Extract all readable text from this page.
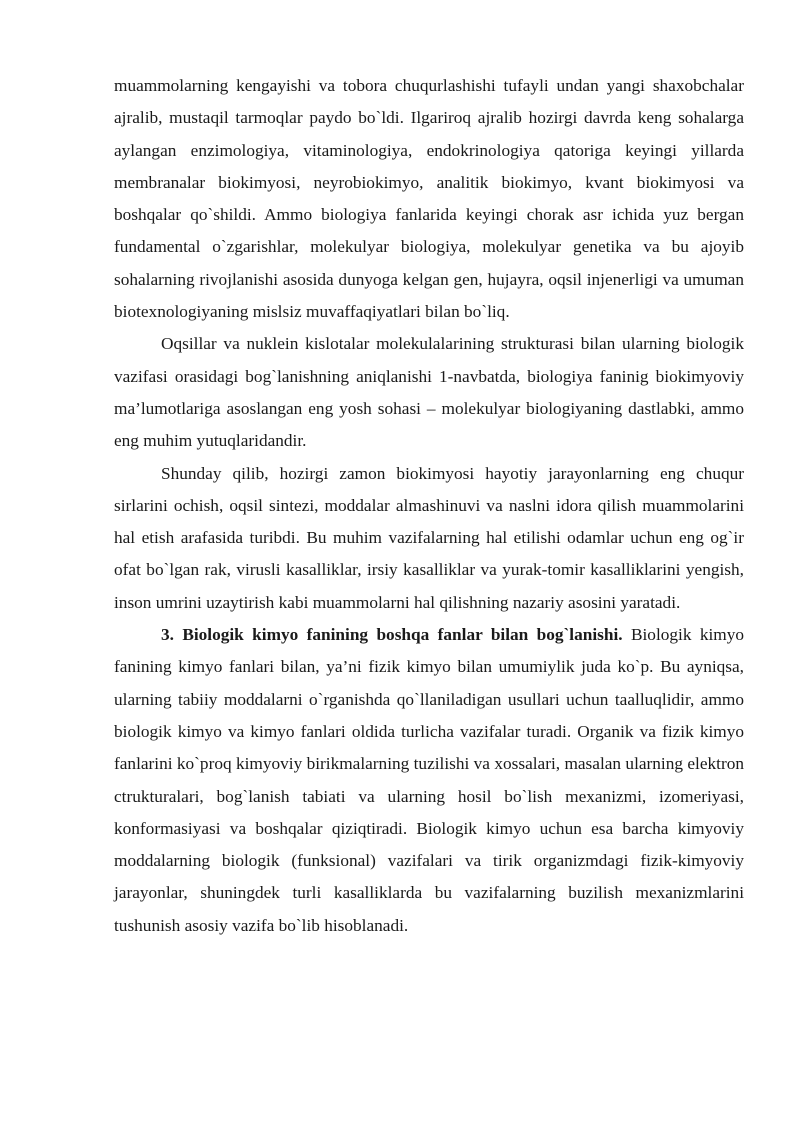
muammolarning kengayishi va tobora chuqurlashishi tufayli undan yangi shaxobchalar ajralib, mustaqil tarmoqlar paydo bo`ldi. Ilgariroq ajralib hozirgi davrda keng sohalarga aylangan enzimologiya, vitaminologiya, endokrinologiya qatoriga keyingi yillarda membranalar biokimyosi, neyrobiokimyo, analitik biokimyo, kvant biokimyosi va boshqalar qo`shildi. Ammo biologiya fanlarida keyingi chorak asr ichida yuz bergan fundamental o`zgarishlar, molekulyar biologiya, molekulyar genetika va bu ajoyib sohalarning rivojlanishi asosida dunyoga kelgan gen, hujayra, oqsil injenerligi va umuman biotexnologiyaning mislsiz muvaffaqiyatlari bilan bo`liq.

Oqsillar va nuklein kislotalar molekulalarining strukturasi bilan ularning biologik vazifasi orasidagi bog`lanishning aniqlanishi 1-navbatda, biologiya faninig biokimyoviy ma’lumotlariga asoslangan eng yosh sohasi – molekulyar biologiyaning dastlabki, ammo eng muhim yutuqlaridandir.

Shunday qilib, hozirgi zamon biokimyosi hayotiy jarayonlarning eng chuqur sirlarini ochish, oqsil sintezi, moddalar almashinuvi va naslni idora qilish muammolarini hal etish arafasida turibdi. Bu muhim vazifalarning hal etilishi odamlar uchun eng og`ir ofat bo`lgan rak, virusli kasalliklar, irsiy kasalliklar va yurak-tomir kasalliklarini yengish, inson umrini uzaytirish kabi muammolarni hal qilishning nazariy asosini yaratadi.

3. Biologik kimyo fanining boshqa fanlar bilan bog`lanishi. Biologik kimyo fanining kimyo fanlari bilan, ya’ni fizik kimyo bilan umumiylik juda ko`p. Bu ayniqsa, ularning tabiiy moddalarni o`rganishda qo`llaniladigan usullari uchun taalluqlidir, ammo biologik kimyo va kimyo fanlari oldida turlicha vazifalar turadi. Organik va fizik kimyo fanlarini ko`proq kimyoviy birikmalarning tuzilishi va xossalari, masalan ularning elektron ctrukturalari, bog`lanish tabiati va ularning hosil bo`lish mexanizmi, izomeriyasi, konformasiyasi va boshqalar qiziqtiradi. Biologik kimyo uchun esa barcha kimyoviy moddalarning biologik (funksional) vazifalari va tirik organizmdagi fizik-kimyoviy jarayonlar, shuningdek turli kasalliklarda bu vazifalarning buzilish mexanizmlarini tushunish asosiy vazifa bo`lib hisoblanadi.
